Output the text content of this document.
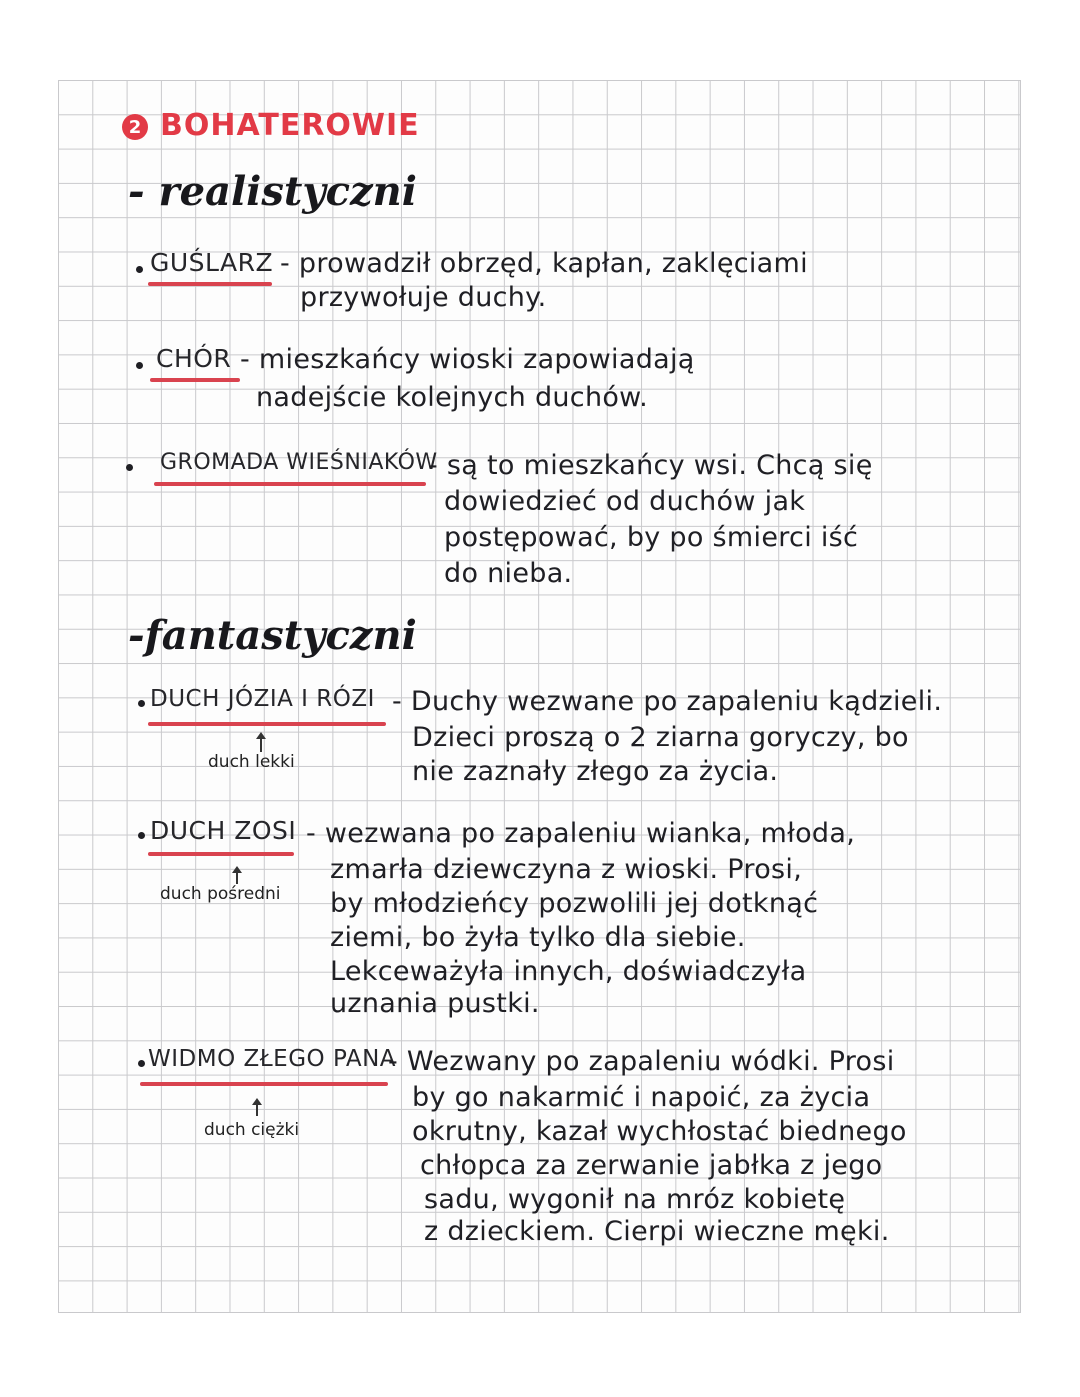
2 BOHATEROWIE
- realistyczni
GUŚLARZ - prowadził obrzęd, kapłan, zaklęciami
przywołuje duchy.
CHÓR - mieszkańcy wioski zapowiadają
nadejście kolejnych duchów.
GROMADA WIEŚNIAKÓW
- są to mieszkańcy wsi. Chcą się
dowiedzieć od duchów jak
postępować, by po śmierci iść
do nieba.
-fantastyczni
DUCH JÓZIA I RÓZI
duch lekki
- Duchy wezwane po zapaleniu kądzieli.
Dzieci proszą o 2 ziarna goryczy, bo
nie zaznały złego za życia.
DUCH ZOSI
duch pośredni
- wezwana po zapaleniu wianka, młoda,
zmarła dziewczyna z wioski. Prosi,
by młodzieńcy pozwolili jej dotknąć
ziemi, bo żyła tylko dla siebie.
Lekceważyła innych, doświadczyła
uznania pustki.
WIDMO ZŁEGO PANA
duch ciężki
- Wezwany po zapaleniu wódki. Prosi
by go nakarmić i napoić, za życia
okrutny, kazał wychłostać biednego
chłopca za zerwanie jabłka z jego
sadu, wygonił na mróz kobietę
z dzieckiem. Cierpi wieczne męki.
